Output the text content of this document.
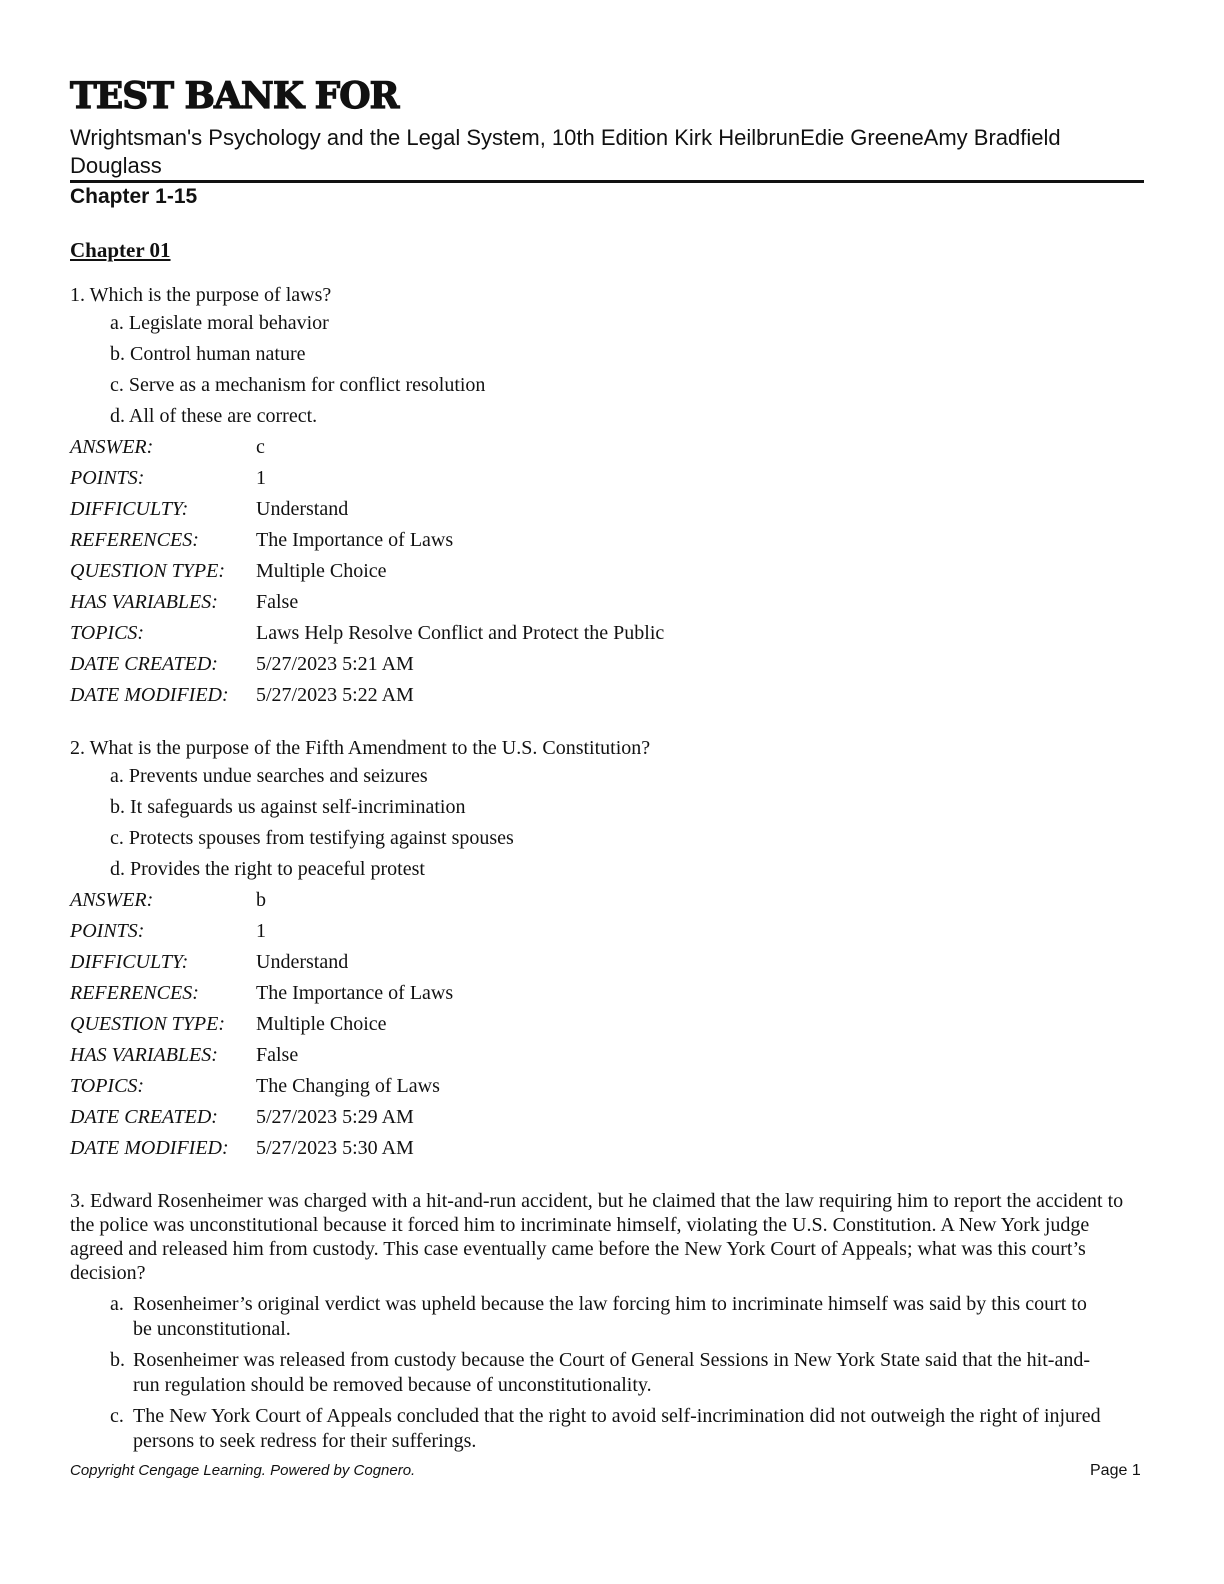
TEST BANK FOR
Wrightsman's Psychology and the Legal System, 10th Edition Kirk HeilbrunEdie GreeneAmy Bradfield Douglass
Chapter 1-15
Chapter 01
1. Which is the purpose of laws?
a. Legislate moral behavior
b. Control human nature
c. Serve as a mechanism for conflict resolution
d. All of these are correct.
ANSWER:	c
POINTS:	1
DIFFICULTY:	Understand
REFERENCES:	The Importance of Laws
QUESTION TYPE: Multiple Choice
HAS VARIABLES: False
TOPICS:	Laws Help Resolve Conflict and Protect the Public
DATE CREATED: 5/27/2023 5:21 AM
DATE MODIFIED: 5/27/2023 5:22 AM
2. What is the purpose of the Fifth Amendment to the U.S. Constitution?
a. Prevents undue searches and seizures
b. It safeguards us against self-incrimination
c. Protects spouses from testifying against spouses
d. Provides the right to peaceful protest
ANSWER:	b
POINTS:	1
DIFFICULTY:	Understand
REFERENCES:	The Importance of Laws
QUESTION TYPE: Multiple Choice
HAS VARIABLES: False
TOPICS:	The Changing of Laws
DATE CREATED: 5/27/2023 5:29 AM
DATE MODIFIED: 5/27/2023 5:30 AM
3. Edward Rosenheimer was charged with a hit-and-run accident, but he claimed that the law requiring him to report the accident to the police was unconstitutional because it forced him to incriminate himself, violating the U.S. Constitution. A New York judge agreed and released him from custody. This case eventually came before the New York Court of Appeals; what was this court’s decision?
a. Rosenheimer’s original verdict was upheld because the law forcing him to incriminate himself was said by this court to be unconstitutional.
b. Rosenheimer was released from custody because the Court of General Sessions in New York State said that the hit-and-run regulation should be removed because of unconstitutionality.
c. The New York Court of Appeals concluded that the right to avoid self-incrimination did not outweigh the right of injured persons to seek redress for their sufferings.
Copyright Cengage Learning. Powered by Cognero.	Page 1
